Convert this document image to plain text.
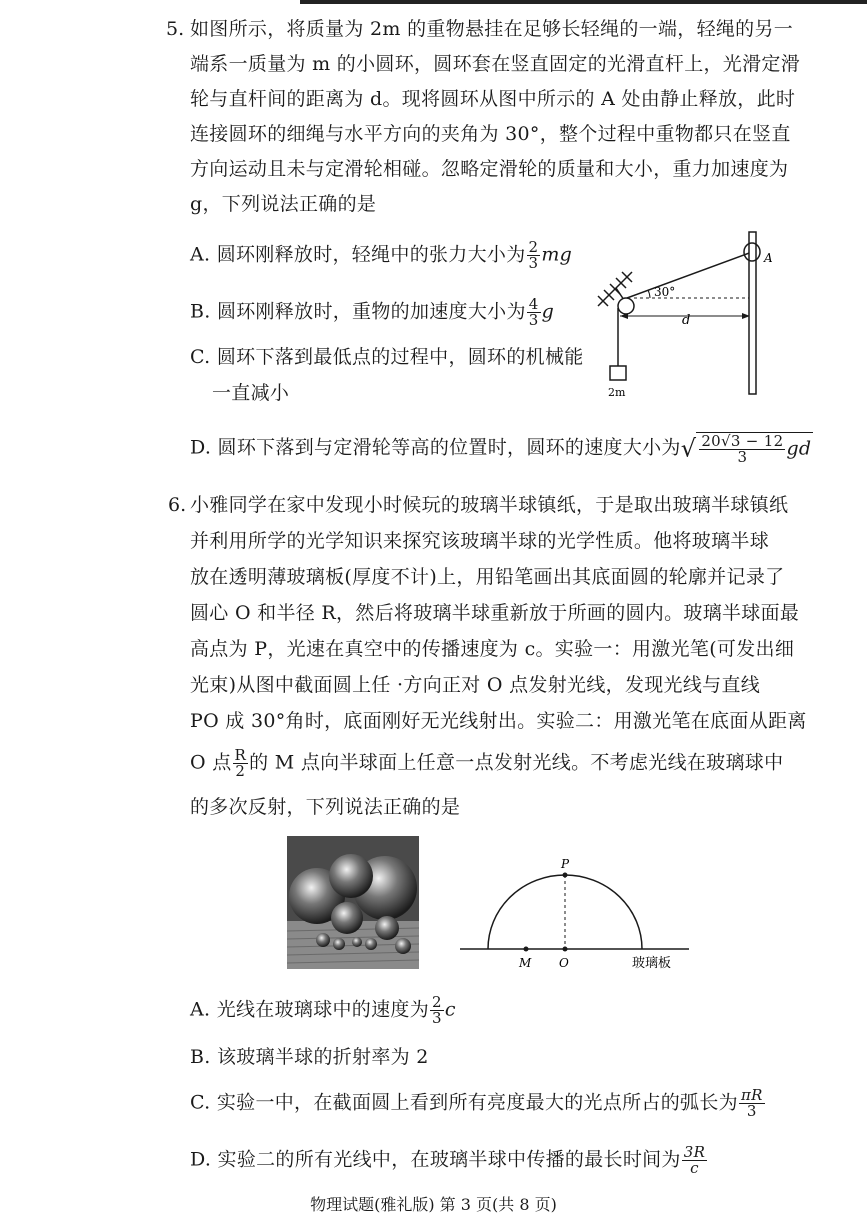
5. 如图所示，将质量为 2m 的重物悬挂在足够长轻绳的一端，轻绳的另一
端系一质量为 m 的小圆环，圆环套在竖直固定的光滑直杆上，光滑定滑
轮与直杆间的距离为 d。现将圆环从图中所示的 A 处由静止释放，此时
连接圆环的细绳与水平方向的夹角为 30°，整个过程中重物都只在竖直
方向运动且未与定滑轮相碰。忽略定滑轮的质量和大小，重力加速度为
g，下列说法正确的是
A. 圆环刚释放时，轻绳中的张力大小为 $\frac{2}{3}$ mg
B. 圆环刚释放时，重物的加速度大小为 $\frac{4}{3}$ g
C. 圆环下落到最低点的过程中，圆环的机械能
一直减小
D. 圆环下落到与定滑轮等高的位置时，圆环的速度大小为√ $\frac{20√3 - 12}{3}$ gd
30°
d
A
2m
6. 小雅同学在家中发现小时候玩的玻璃半球镇纸，于是取出玻璃半球镇纸
并利用所学的光学知识来探究该玻璃半球的光学性质。他将玻璃半球
放在透明薄玻璃板(厚度不计)上，用铅笔画出其底面圆的轮廓并记录了
圆心 O 和半径 R，然后将玻璃半球重新放于所画的圆内。玻璃半球面最
高点为 P，光速在真空中的传播速度为 c。实验一：用激光笔(可发出细
光束)从图中截面圆上任 ·方向正对 O 点发射光线，发现光线与直线
PO 成 30°角时，底面刚好无光线射出。实验二：用激光笔在底面从距离
O 点 $\frac{R}{2}$ 的 M 点向半球面上任意一点发射光线。不考虑光线在玻璃球中
的多次反射，下列说法正确的是
P
O
M	玻璃板
A. 光线在玻璃球中的速度为 $\frac{2}{3}$ c
B. 该玻璃半球的折射率为 2
C. 实验一中，在截面圆上看到所有亮度最大的光点所占的弧长为 $\frac{\pi R}{3}$
D. 实验二的所有光线中，在玻璃半球中传播的最长时间为 $\frac{3R}{c}$
物理试题(雅礼版) 第 3 页(共 8 页)
